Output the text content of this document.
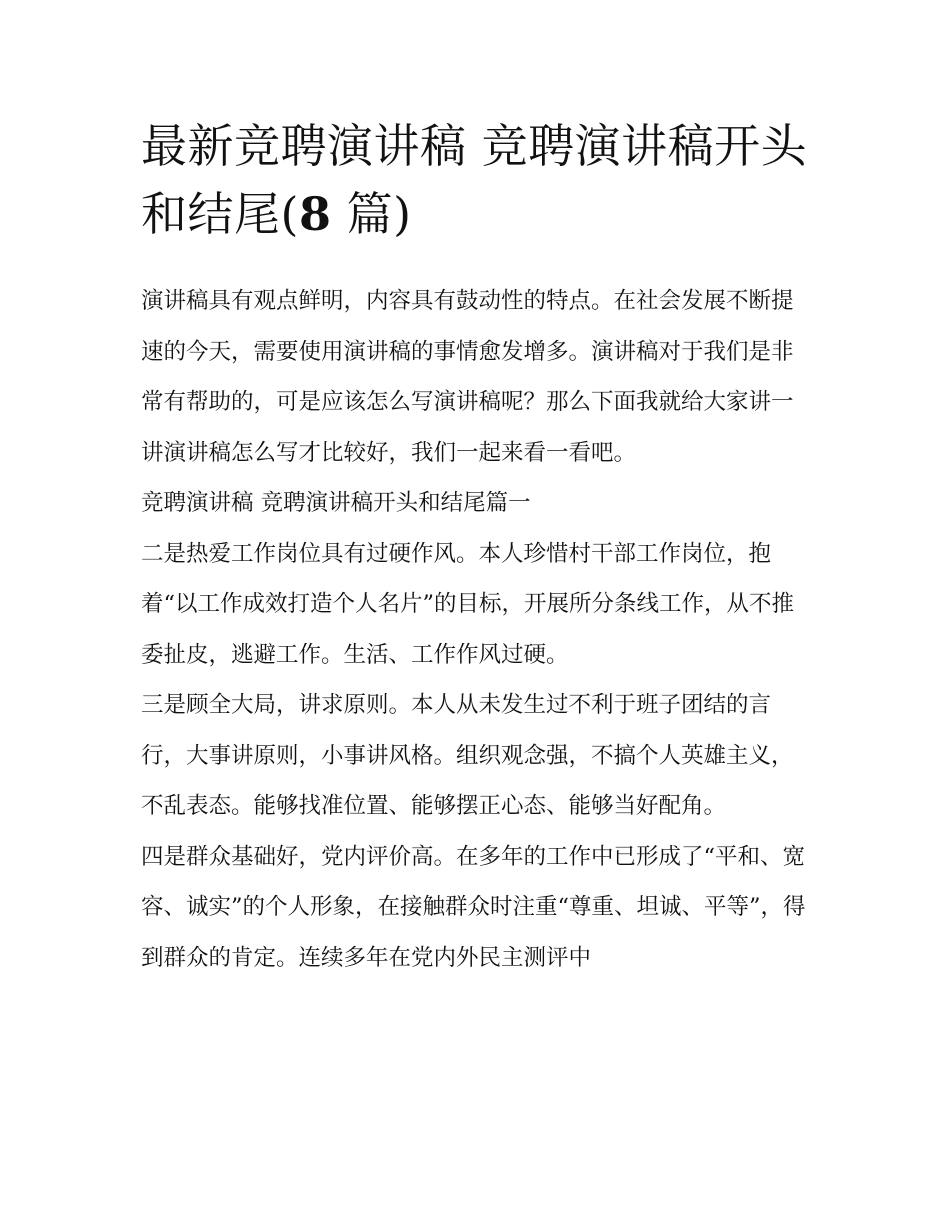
最新竞聘演讲稿 竞聘演讲稿开头和结尾(8 篇)

演讲稿具有观点鲜明，内容具有鼓动性的特点。在社会发展不断提速的今天，需要使用演讲稿的事情愈发增多。演讲稿对于我们是非常有帮助的，可是应该怎么写演讲稿呢？那么下面我就给大家讲一讲演讲稿怎么写才比较好，我们一起来看一看吧。

竞聘演讲稿 竞聘演讲稿开头和结尾篇一

二是热爱工作岗位具有过硬作风。本人珍惜村干部工作岗位，抱着“以工作成效打造个人名片”的目标，开展所分条线工作，从不推委扯皮，逃避工作。生活、工作作风过硬。

三是顾全大局，讲求原则。本人从未发生过不利于班子团结的言行，大事讲原则，小事讲风格。组织观念强，不搞个人英雄主义，不乱表态。能够找准位置、能够摆正心态、能够当好配角。

四是群众基础好，党内评价高。在多年的工作中已形成了“平和、宽容、诚实”的个人形象，在接触群众时注重“尊重、坦诚、平等”，得到群众的肯定。连续多年在党内外民主测评中
